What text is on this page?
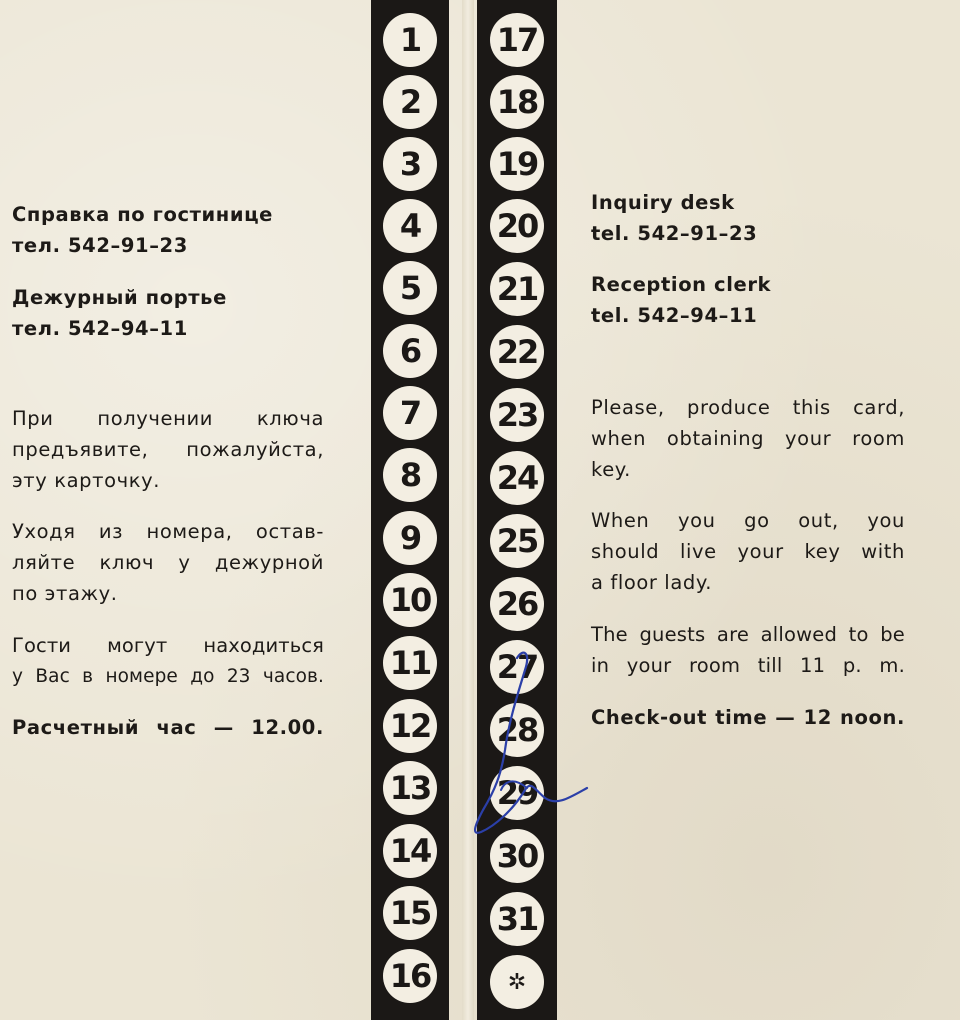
1
2
3
4
5
6
7
8
9
10
11
12
13
14
15
16
17
18
19
20
21
22
23
24
25
26
27
28
29
30
31
✲
Справка по гостинице
тел. 542–91–23
Дежурный портье
тел. 542–94–11
При получении ключа
предъявите, пожалуйста,
эту карточку.
Уходя из номера, остав-
ляйте ключ у дежурной
по этажу.
Гости могут находиться
у Вас в номере до 23 часов.
Расчетный час — 12.00.
Inquiry desk
tel. 542–91–23
Reception clerk
tel. 542–94–11
Please, produce this card,
when obtaining your room
key.
When you go out, you
should live your key with
a floor lady.
The guests are allowed to be
in your room till 11 p. m.
Check-out time — 12 noon.
